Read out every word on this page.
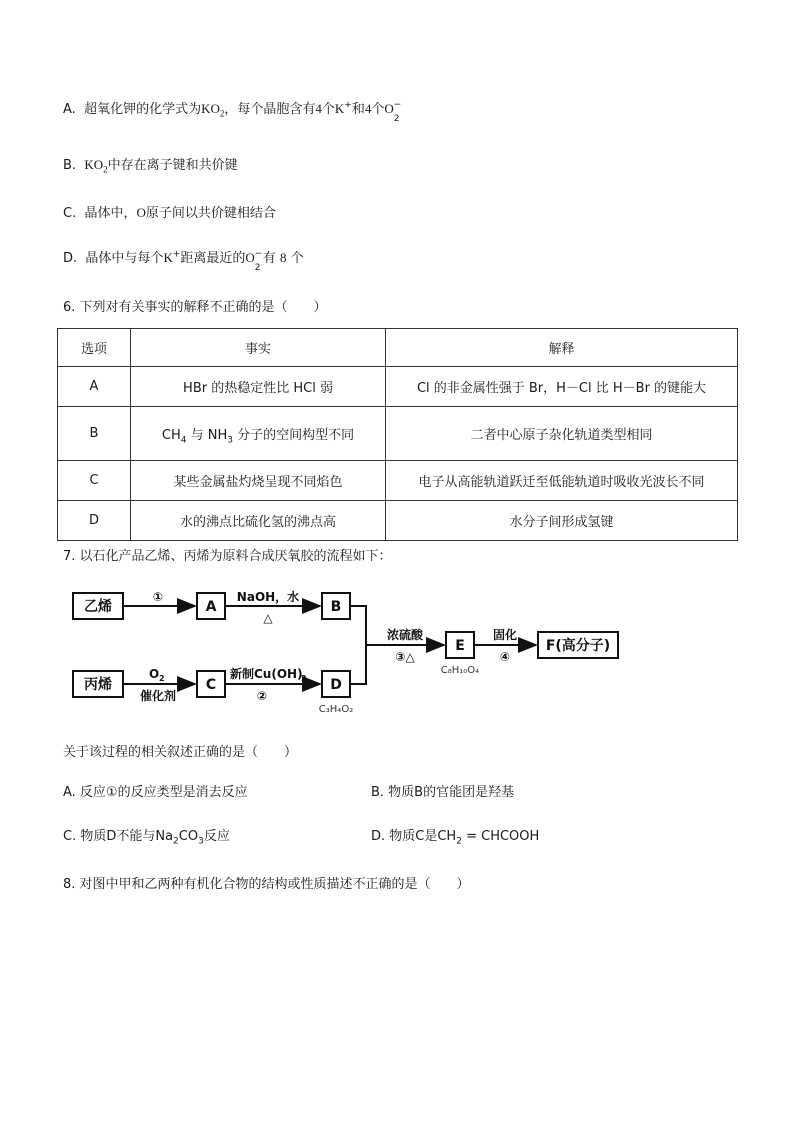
A. 超氧化钾的化学式为$KO_2$，每个晶胞含有4个K+和4个O −
2
B. $KO_2$中存在离子键和共价键
C. 晶体中，O原子间以共价键相结合
D. 晶体中与每个K+距离最近的O −
2
有 8 个
6. 下列对有关事实的解释不正确的是（　　）
选项	事实	解释
A	HBr 的热稳定性比 HCl 弱	Cl 的非金属性强于 Br，H－Cl 比 H－Br 的键能大
B	$CH_4$ 与 $NH_3$ 分子的空间构型不同	二者中心原子杂化轨道类型相同
C	某些金属盐灼烧呈现不同焰色	电子从高能轨道跃迁至低能轨道时吸收光波长不同
D	水的沸点比硫化氢的沸点高	水分子间形成氢键
7. 以石化产品乙烯、丙烯为原料合成厌氧胶的流程如下：
乙烯	A	B
丙烯	C	D
E	F(高分子)
①	NaOH，水
△
O 2
催化剂
新制Cu(OH)
2
②
浓硫酸
③△
固化
④
C₃H₄O₂
C₈H₁₀O₄
关于该过程的相关叙述正确的是（　　）
A. 反应①的反应类型是消去反应	B. 物质B的官能团是羟基
C. 物质D不能与$Na_2CO_3$反应	D. 物质C是$CH_2$ = CHCOOH
8. 对图中甲和乙两种有机化合物的结构或性质描述不正确的是（　　）
